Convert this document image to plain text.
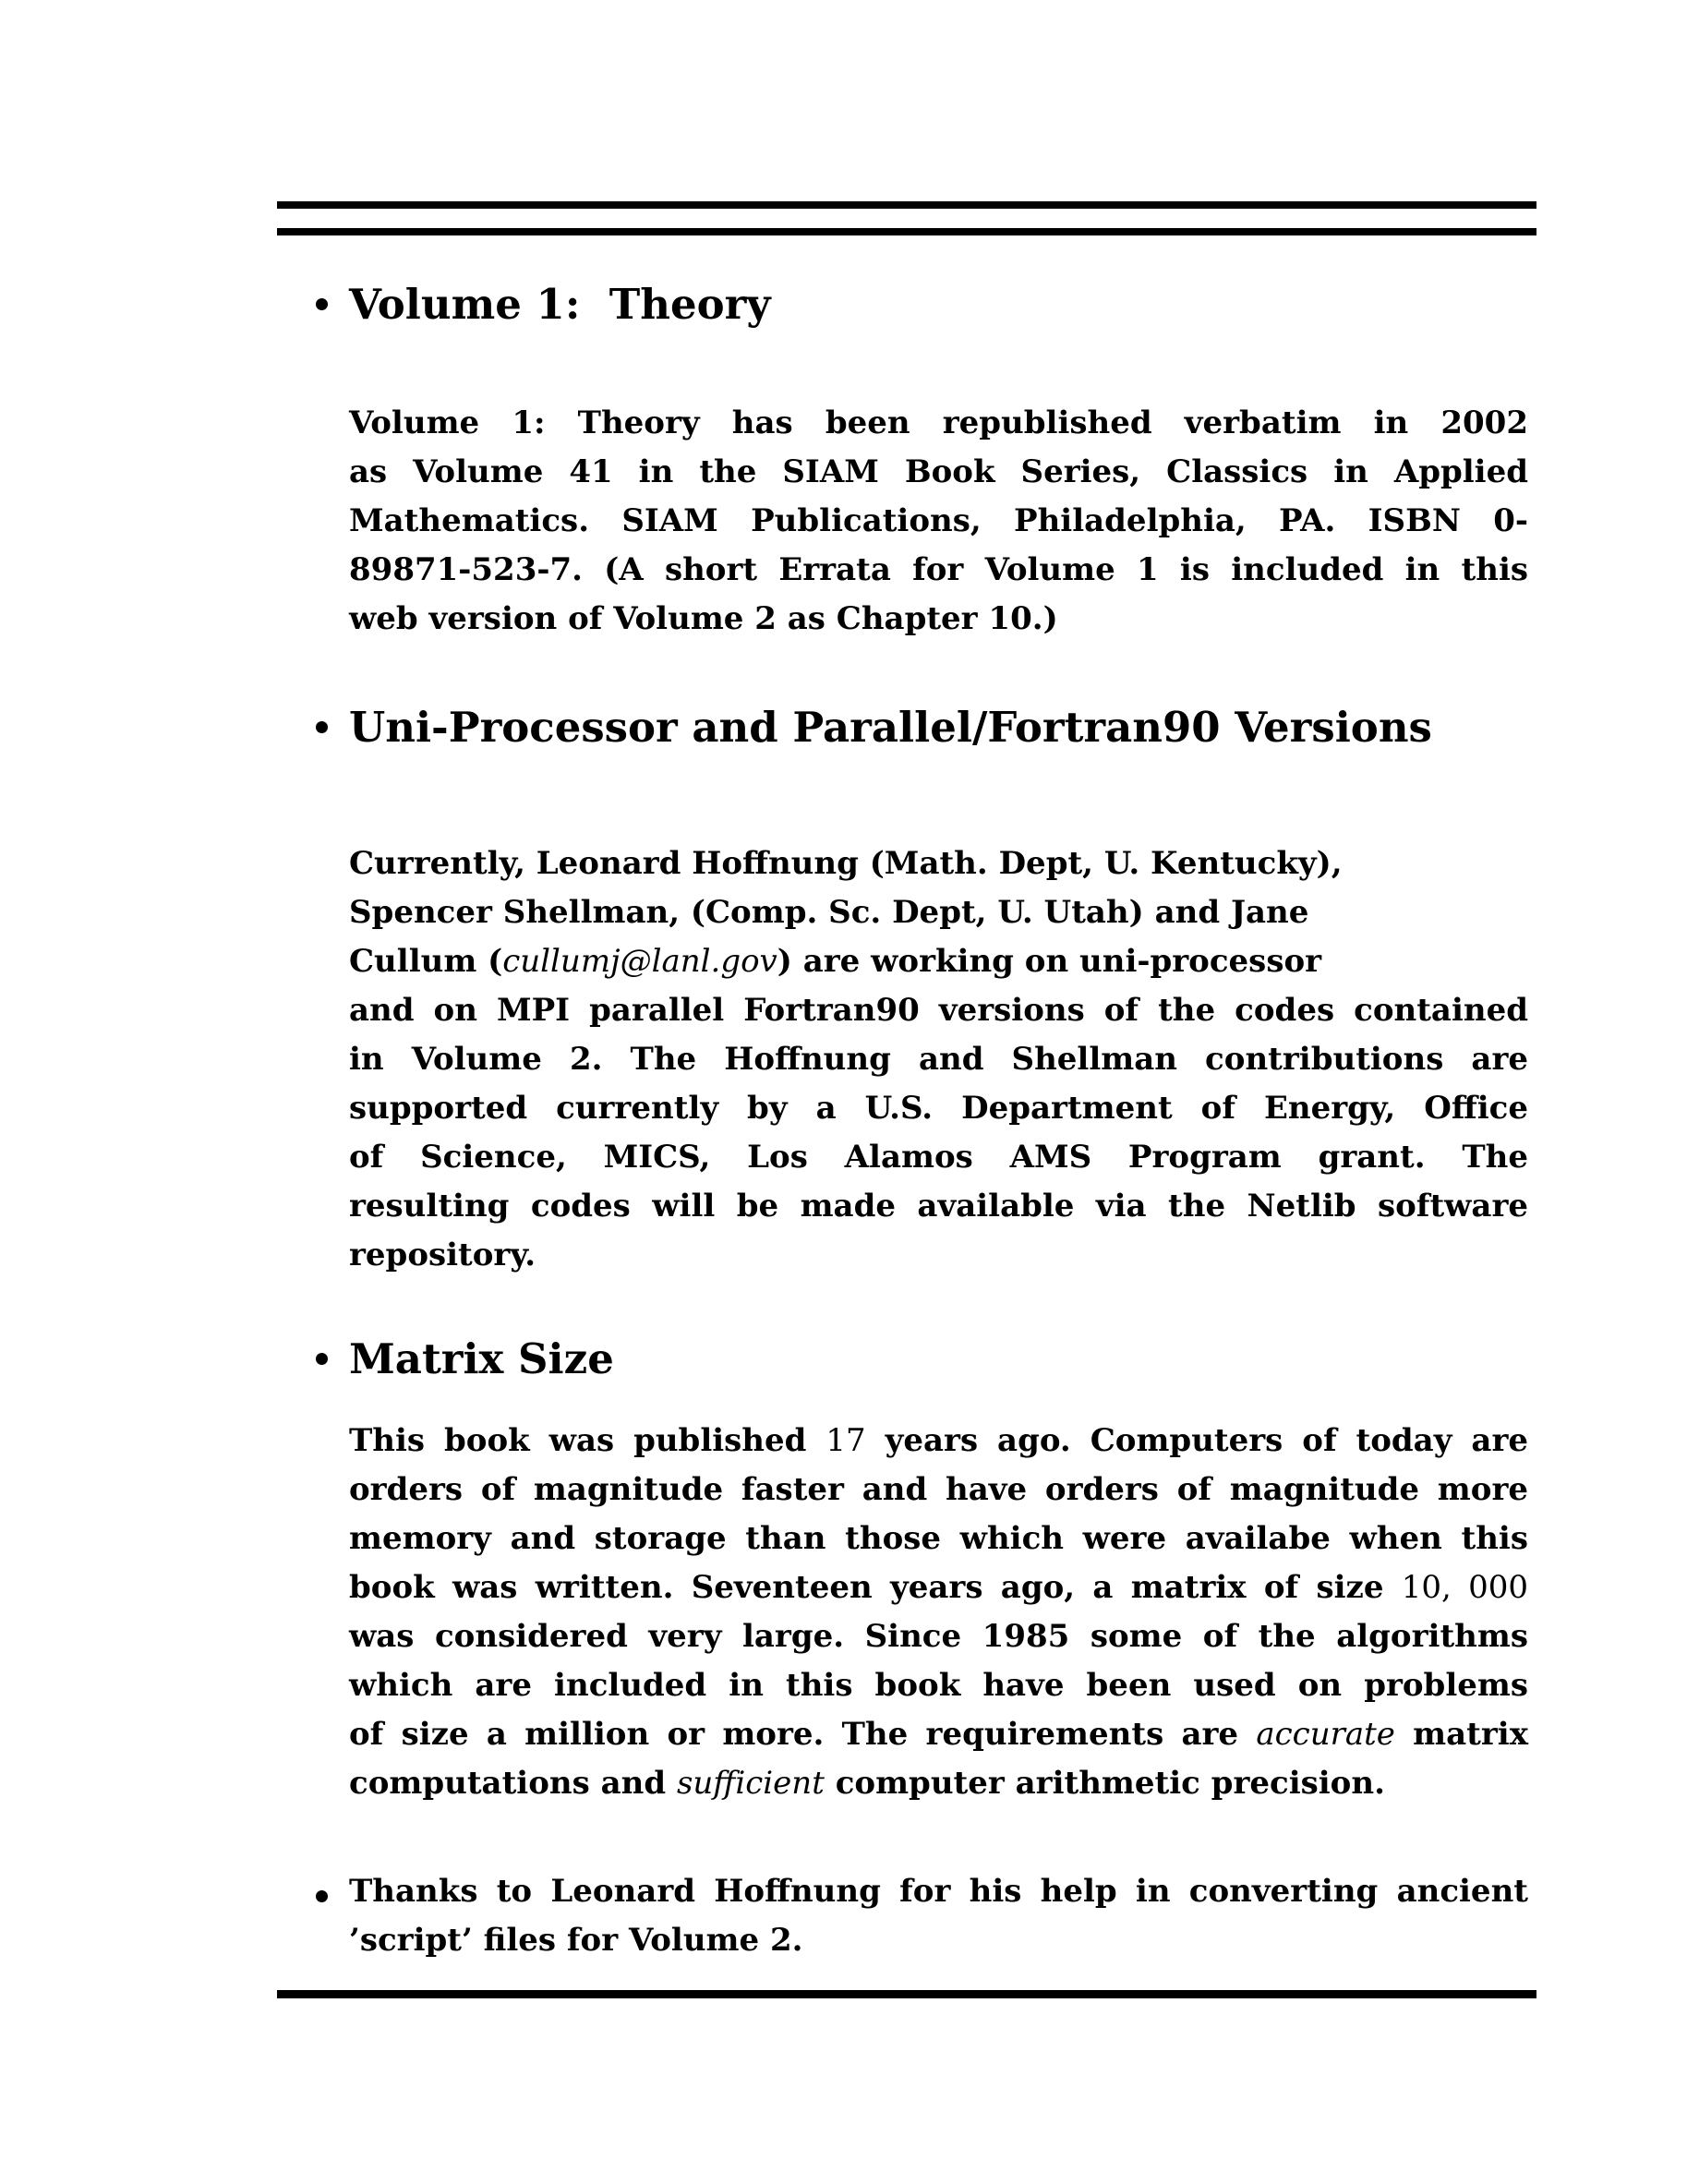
Volume 1:  Theory
Volume 1: Theory has been republished verbatim in 2002
as Volume 41 in the SIAM Book Series, Classics in Applied
Mathematics. SIAM Publications, Philadelphia, PA. ISBN 0-
89871-523-7. (A short Errata for Volume 1 is included in this
web version of Volume 2 as Chapter 10.)
Uni-Processor and Parallel/Fortran90 Versions
Currently, Leonard Hoffnung (Math. Dept, U. Kentucky),
Spencer Shellman, (Comp. Sc. Dept, U. Utah) and Jane
Cullum (cullumj@lanl.gov) are working on uni-processor
and on MPI parallel Fortran90 versions of the codes contained
in Volume 2. The Hoffnung and Shellman contributions are
supported currently by a U.S. Department of Energy, Office
of Science, MICS, Los Alamos AMS Program grant. The
resulting codes will be made available via the Netlib software
repository.
Matrix Size
This book was published 17 years ago. Computers of today are
orders of magnitude faster and have orders of magnitude more
memory and storage than those which were availabe when this
book was written. Seventeen years ago, a matrix of size 10, 000
was considered very large. Since 1985 some of the algorithms
which are included in this book have been used on problems
of size a million or more. The requirements are accurate matrix
computations and sufficient computer arithmetic precision.
Thanks to Leonard Hoffnung for his help in converting ancient
’script’ files for Volume 2.
